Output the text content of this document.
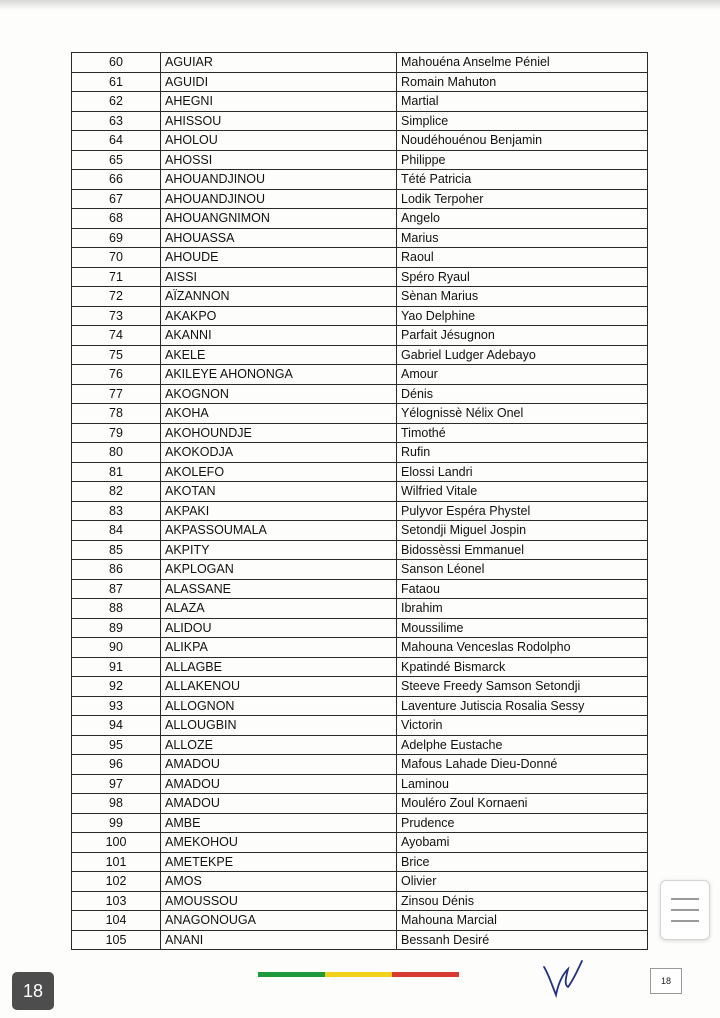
60	AGUIAR	Mahouéna Anselme Péniel
61	AGUIDI	Romain Mahuton
62	AHEGNI	Martial
63	AHISSOU	Simplice
64	AHOLOU	Noudéhouénou Benjamin
65	AHOSSI	Philippe
66	AHOUANDJINOU	Tété Patricia
67	AHOUANDJINOU	Lodik Terpoher
68	AHOUANGNIMON	Angelo
69	AHOUASSA	Marius
70	AHOUDE	Raoul
71	AISSI	Spéro Ryaul
72	AÏZANNON	Sènan Marius
73	AKAKPO	Yao Delphine
74	AKANNI	Parfait Jésugnon
75	AKELE	Gabriel Ludger Adebayo
76	AKILEYE AHONONGA	Amour
77	AKOGNON	Dénis
78	AKOHA	Yélognissè Nélix Onel
79	AKOHOUNDJE	Timothé
80	AKOKODJA	Rufin
81	AKOLEFO	Elossi Landri
82	AKOTAN	Wilfried Vitale
83	AKPAKI	Pulyvor Espéra Phystel
84	AKPASSOUMALA	Setondji Miguel Jospin
85	AKPITY	Bidossèssi Emmanuel
86	AKPLOGAN	Sanson Léonel
87	ALASSANE	Fataou
88	ALAZA	Ibrahim
89	ALIDOU	Moussilime
90	ALIKPA	Mahouna Venceslas Rodolpho
91	ALLAGBE	Kpatindé Bismarck
92	ALLAKENOU	Steeve Freedy Samson Setondji
93	ALLOGNON	Laventure Jutiscia Rosalia Sessy
94	ALLOUGBIN	Victorin
95	ALLOZE	Adelphe Eustache
96	AMADOU	Mafous Lahade Dieu-Donné
97	AMADOU	Laminou
98	AMADOU	Mouléro Zoul Kornaeni
99	AMBE	Prudence
100	AMEKOHOU	Ayobami
101	AMETEKPE	Brice
102	AMOS	Olivier
103	AMOUSSOU	Zinsou Dénis
104	ANAGONOUGA	Mahouna Marcial
105	ANANI	Bessanh Desiré
18
18
